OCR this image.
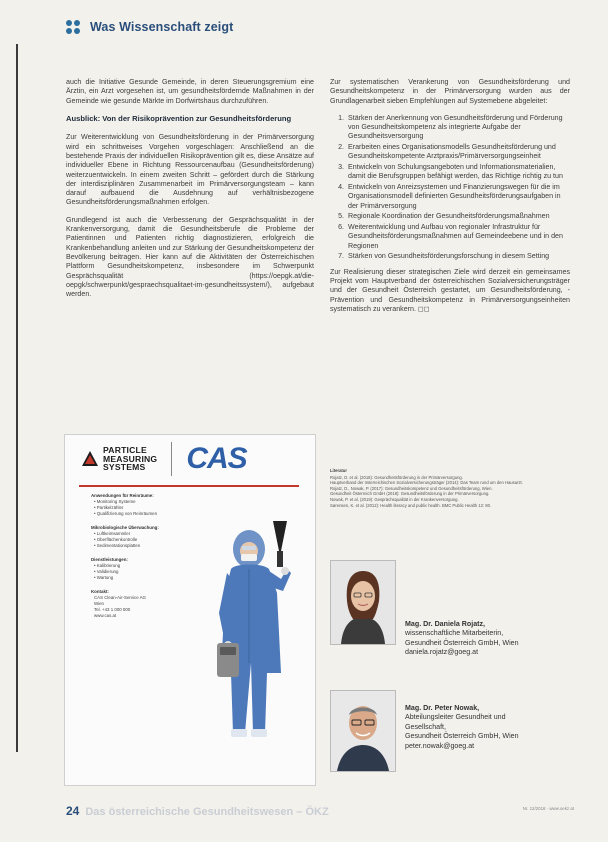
Was Wissenschaft zeigt

auch die Initiative Gesunde Gemeinde, in deren Steuerungsgremium eine Ärztin, ein Arzt vorgesehen ist, um gesundheitsfördernde Maßnahmen in der Gemeinde wie gesunde Märkte im Dorfwirtshaus durchzuführen.

Ausblick: Von der Risikoprävention zur Gesundheitsförderung

Zur Weiterentwicklung von Gesundheitsförderung in der Primärversorgung wird ein schrittweises Vorgehen vorgeschlagen: Anschließend an die bestehende Praxis der individuellen Risikoprävention gilt es, diese Ansätze auf individueller Ebene in Richtung Ressourcenaufbau (Gesundheitsförderung) weiterzuentwickeln. In einem zweiten Schritt – gefördert durch die Stärkung der interdisziplinären Zusammenarbeit im Primärversorgungsteam – kann darauf aufbauend die Ausdehnung auf verhältnisbezogene Gesundheitsförderungsmaßnahmen erfolgen.

Grundlegend ist auch die Verbesserung der Gesprächsqualität in der Krankenversorgung, damit die Gesundheitsberufe die Probleme der Patientinnen und Patienten richtig diagnostizieren, erfolgreich die Krankenbehandlung anleiten und zur Stärkung der Gesundheitskompetenz der Bevölkerung beitragen. Hier kann auf die Aktivitäten der Österreichischen Plattform Gesundheitskompetenz, insbesondere im Schwerpunkt Gesprächsqualität (https://oepgk.at/die-oepgk/schwerpunkt/gespraechsqualitaet-im-gesundheitssystem/), aufgebaut werden.

Zur systematischen Verankerung von Gesundheitsförderung und Gesundheitskompetenz in der Primärversorgung wurden aus der Grundlagenarbeit sieben Empfehlungen auf Systemebene abgeleitet:

1. Stärken der Anerkennung von Gesundheitsförderung und Förderung von Gesundheitskompetenz als integrierte Aufgabe der Gesundheitsversorgung
2. Erarbeiten eines Organisationsmodells Gesundheitsförderung und Gesundheitskompetente Arztpraxis/Primärversorgungseinheit
3. Entwickeln von Schulungsangeboten und Informationsmaterialien, damit die Berufsgruppen befähigt werden, das Richtige richtig zu tun
4. Entwickeln von Anreizsystemen und Finanzierungswegen für die im Organisationsmodell definierten Gesundheitsförderungsaufgaben in der Primärversorgung
5. Regionale Koordination der Gesundheitsförderungsmaßnahmen
6. Weiterentwicklung und Aufbau von regionaler Infrastruktur für Gesundheitsförderungsmaßnahmen auf Gemeindeebene und in den Regionen
7. Stärken von Gesundheitsförderungsforschung in diesem Setting

Zur Realisierung dieser strategischen Ziele wird derzeit ein gemeinsames Projekt vom Hauptverband der österreichischen Sozialversicherungsträger und der Gesundheit Österreich gestartet, um Gesundheitsförderung, -Prävention und Gesundheitskompetenz in Primärversorgungseinheiten systematisch zu verankern. ◻◻

Literatur
Rojatz, D. et al. (2018): Gesundheitsförderung in der Primärversorgung.
Hauptverband der österreichischen Sozialversicherungsträger (2014): Das Team rund um den Hausarzt.
Rojatz, D., Nowak, P. (2017): Gesundheitskompetenz und Gesundheitsförderung, Wien.
Gesundheit Österreich GmbH (2018): Gesundheitsförderung in der Primärversorgung.
Nowak, P. et al. (2019): Gesprächsqualität in der Krankenversorgung.
Sørensen, K. et al. (2012): Health literacy and public health. BMC Public Health 12: 80.
Mag. Dr. Daniela Rojatz,
wissenschaftliche Mitarbeiterin,
Gesundheit Österreich GmbH, Wien
daniela.rojatz@goeg.at
Mag. Dr. Peter Nowak,
Abteilungsleiter Gesundheit und
Gesellschaft,
Gesundheit Österreich GmbH, Wien
peter.nowak@goeg.at
PARTICLE
MEASURING
SYSTEMS	CAS
Anwendungen für Reinräume:
• Monitoring Systeme
• Partikelzähler
• Qualifizierung von Reinräumen
Mikrobiologische Überwachung:
• Luftkeimsammler
• Oberflächenkontrolle
• Sedimentationsplatten
Dienstleistungen:
• Kalibrierung
• Validierung
• Wartung
Kontakt:
CAS Clean-Air-Service AG
Wien
Tel. +43 1 000 000
www.cas.at
24 Das österreichische Gesundheitswesen – ÖKZ	Nr. 12/2018 · www.oekz.at
